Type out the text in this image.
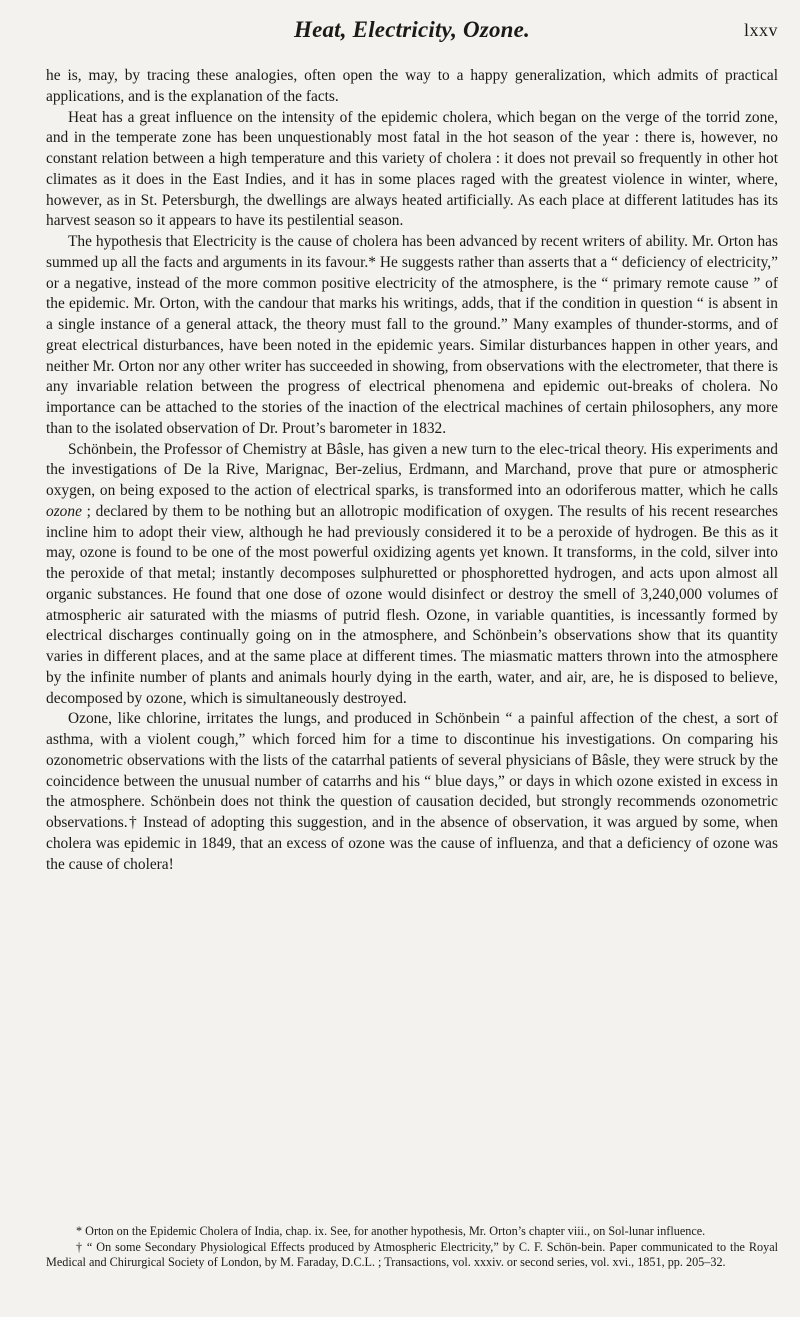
Heat, Electricity, Ozone.	lxxv

he is, may, by tracing these analogies, often open the way to a happy generalization, which admits of practical applications, and is the explanation of the facts.

Heat has a great influence on the intensity of the epidemic cholera, which began on the verge of the torrid zone, and in the temperate zone has been unquestionably most fatal in the hot season of the year : there is, however, no constant relation between a high temperature and this variety of cholera : it does not prevail so frequently in other hot climates as it does in the East Indies, and it has in some places raged with the greatest violence in winter, where, however, as in St. Petersburgh, the dwellings are always heated artificially. As each place at different latitudes has its harvest season so it appears to have its pestilential season.

The hypothesis that Electricity is the cause of cholera has been advanced by recent writers of ability. Mr. Orton has summed up all the facts and arguments in its favour.* He suggests rather than asserts that a “ deficiency of electricity,” or a negative, instead of the more common positive electricity of the atmosphere, is the “ primary remote cause ” of the epidemic. Mr. Orton, with the candour that marks his writings, adds, that if the condition in question “ is absent in a single instance of a general attack, the theory must fall to the ground.” Many examples of thunder-storms, and of great electrical disturbances, have been noted in the epidemic years. Similar disturbances happen in other years, and neither Mr. Orton nor any other writer has succeeded in showing, from observations with the electrometer, that there is any invariable relation between the progress of electrical phenomena and epidemic out-breaks of cholera. No importance can be attached to the stories of the inaction of the electrical machines of certain philosophers, any more than to the isolated observation of Dr. Prout’s barometer in 1832.

Schönbein, the Professor of Chemistry at Bâsle, has given a new turn to the elec-trical theory. His experiments and the investigations of De la Rive, Marignac, Ber-zelius, Erdmann, and Marchand, prove that pure or atmospheric oxygen, on being exposed to the action of electrical sparks, is transformed into an odoriferous matter, which he calls ozone ; declared by them to be nothing but an allotropic modification of oxygen. The results of his recent researches incline him to adopt their view, although he had previously considered it to be a peroxide of hydrogen. Be this as it may, ozone is found to be one of the most powerful oxidizing agents yet known. It transforms, in the cold, silver into the peroxide of that metal; instantly decomposes sulphuretted or phosphoretted hydrogen, and acts upon almost all organic substances. He found that one dose of ozone would disinfect or destroy the smell of 3,240,000 volumes of atmospheric air saturated with the miasms of putrid flesh. Ozone, in variable quantities, is incessantly formed by electrical discharges continually going on in the atmosphere, and Schönbein’s observations show that its quantity varies in different places, and at the same place at different times. The miasmatic matters thrown into the atmosphere by the infinite number of plants and animals hourly dying in the earth, water, and air, are, he is disposed to believe, decomposed by ozone, which is simultaneously destroyed.

Ozone, like chlorine, irritates the lungs, and produced in Schönbein “ a painful affection of the chest, a sort of asthma, with a violent cough,” which forced him for a time to discontinue his investigations. On comparing his ozonometric observations with the lists of the catarrhal patients of several physicians of Bâsle, they were struck by the coincidence between the unusual number of catarrhs and his “ blue days,” or days in which ozone existed in excess in the atmosphere. Schönbein does not think the question of causation decided, but strongly recommends ozonometric observations.† Instead of adopting this suggestion, and in the absence of observation, it was argued by some, when cholera was epidemic in 1849, that an excess of ozone was the cause of influenza, and that a deficiency of ozone was the cause of cholera!

* Orton on the Epidemic Cholera of India, chap. ix. See, for another hypothesis, Mr. Orton’s chapter viii., on Sol-lunar influence.

† “ On some Secondary Physiological Effects produced by Atmospheric Electricity,” by C. F. Schön-bein. Paper communicated to the Royal Medical and Chirurgical Society of London, by M. Faraday, D.C.L. ; Transactions, vol. xxxiv. or second series, vol. xvi., 1851, pp. 205–32.
